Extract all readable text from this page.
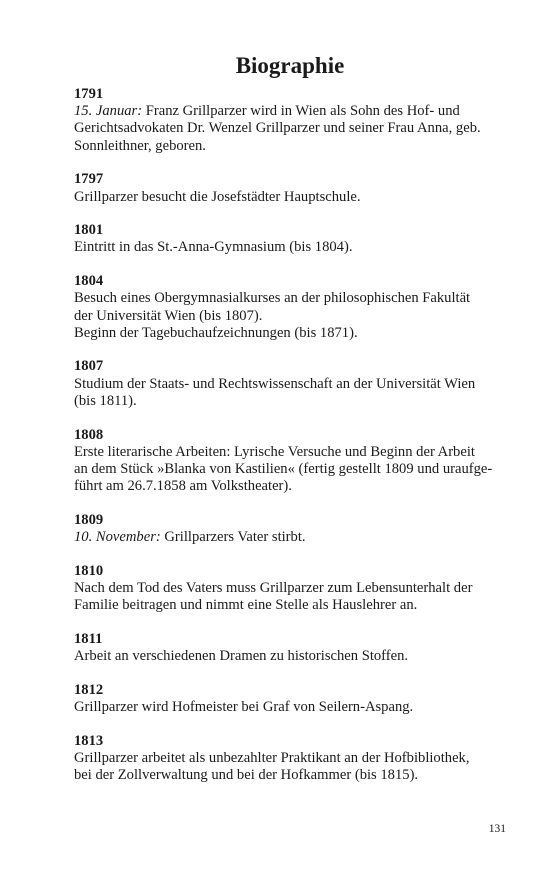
Biographie
1791
15. Januar: Franz Grillparzer wird in Wien als Sohn des Hof- und
Gerichtsadvokaten Dr. Wenzel Grillparzer und seiner Frau Anna, geb.
Sonnleithner, geboren.
1797
Grillparzer besucht die Josefstädter Hauptschule.
1801
Eintritt in das St.-Anna-Gymnasium (bis 1804).
1804
Besuch eines Obergymnasialkurses an der philosophischen Fakultät
der Universität Wien (bis 1807).
Beginn der Tagebuchaufzeichnungen (bis 1871).
1807
Studium der Staats- und Rechtswissenschaft an der Universität Wien
(bis 1811).
1808
Erste literarische Arbeiten: Lyrische Versuche und Beginn der Arbeit
an dem Stück »Blanka von Kastilien« (fertig gestellt 1809 und uraufge-
führt am 26.7.1858 am Volkstheater).
1809
10. November: Grillparzers Vater stirbt.
1810
Nach dem Tod des Vaters muss Grillparzer zum Lebensunterhalt der
Familie beitragen und nimmt eine Stelle als Hauslehrer an.
1811
Arbeit an verschiedenen Dramen zu historischen Stoffen.
1812
Grillparzer wird Hofmeister bei Graf von Seilern-Aspang.
1813
Grillparzer arbeitet als unbezahlter Praktikant an der Hofbibliothek,
bei der Zollverwaltung und bei der Hofkammer (bis 1815).
131
